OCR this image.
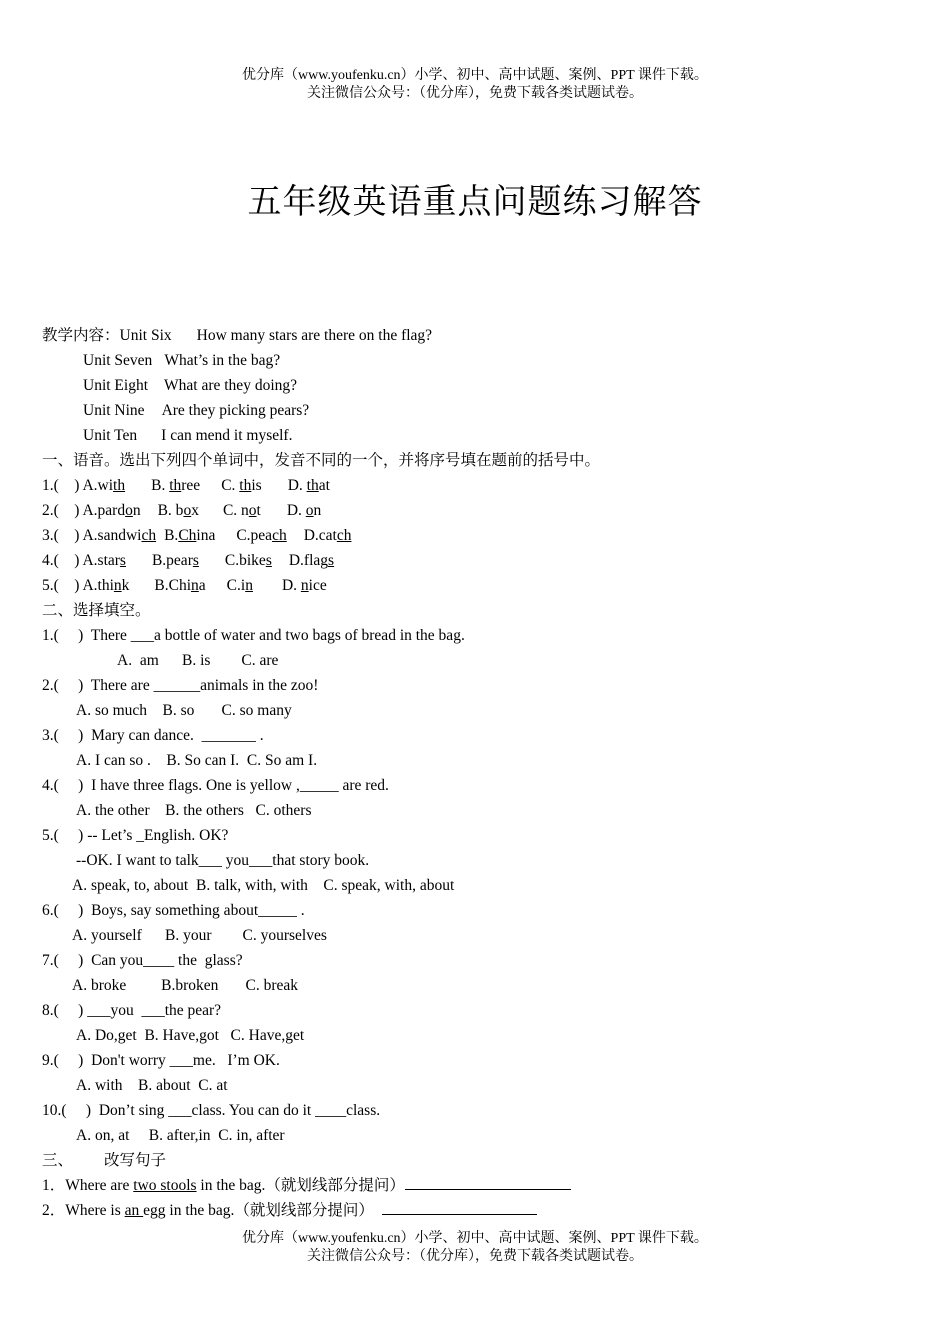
优分库（www.youfenku.cn）小学、初中、高中试题、案例、PPT 课件下载。
关注微信公众号：（优分库），免费下载各类试题试卷。
五年级英语重点问题练习解答
教学内容：Unit Six How many stars are there on the flag?
Unit Seven What’s in the bag?
Unit Eight What are they doing?
Unit Nine Are they picking pears?
Unit Ten I can mend it myself.
一、语音。选出下列四个单词中，发音不同的一个，并将序号填在题前的括号中。
1.(    ) A.with B. three C. this D. that
2.(    ) A.pardon B. box C. not D. on
3.(    ) A.sandwich B.China C.peach D.catch
4.(    ) A.stars B.pears C.bikes D.flags
5.(    ) A.think B.China C.in D. nice
二、选择填空。
1.(     )  There ___a bottle of water and two bags of bread in the bag.
A.  am      B. is        C. are
2.(     )  There are ______animals in the zoo!
A. so much    B. so       C. so many
3.(     )  Mary can dance.  _______ .
A. I can so .    B. So can I.  C. So am I.
4.(     )  I have three flags. One is yellow ,_____ are red.
A. the other    B. the others   C. others
5.(     ) -- Let’s _English. OK?
--OK. I want to talk___ you___that story book.
A. speak, to, about  B. talk, with, with    C. speak, with, about
6.(     )  Boys, say something about_____ .
A. yourself      B. your        C. yourselves
7.(     )  Can you____ the  glass?
A. broke         B.broken       C. break
8.(     ) ___you  ___the pear?
A. Do,get  B. Have,got   C. Have,get
9.(     )  Don't worry ___me.   I’m OK.
A. with    B. about  C. at
10.(     )  Don’t sing ___class. You can do it ____class.
A. on, at     B. after,in  C. in, after
三、        改写句子
1．Where are two stools in the bag.（就划线部分提问）
2．Where is an egg in the bag.（就划线部分提问）
优分库（www.youfenku.cn）小学、初中、高中试题、案例、PPT 课件下载。
关注微信公众号：（优分库），免费下载各类试题试卷。
